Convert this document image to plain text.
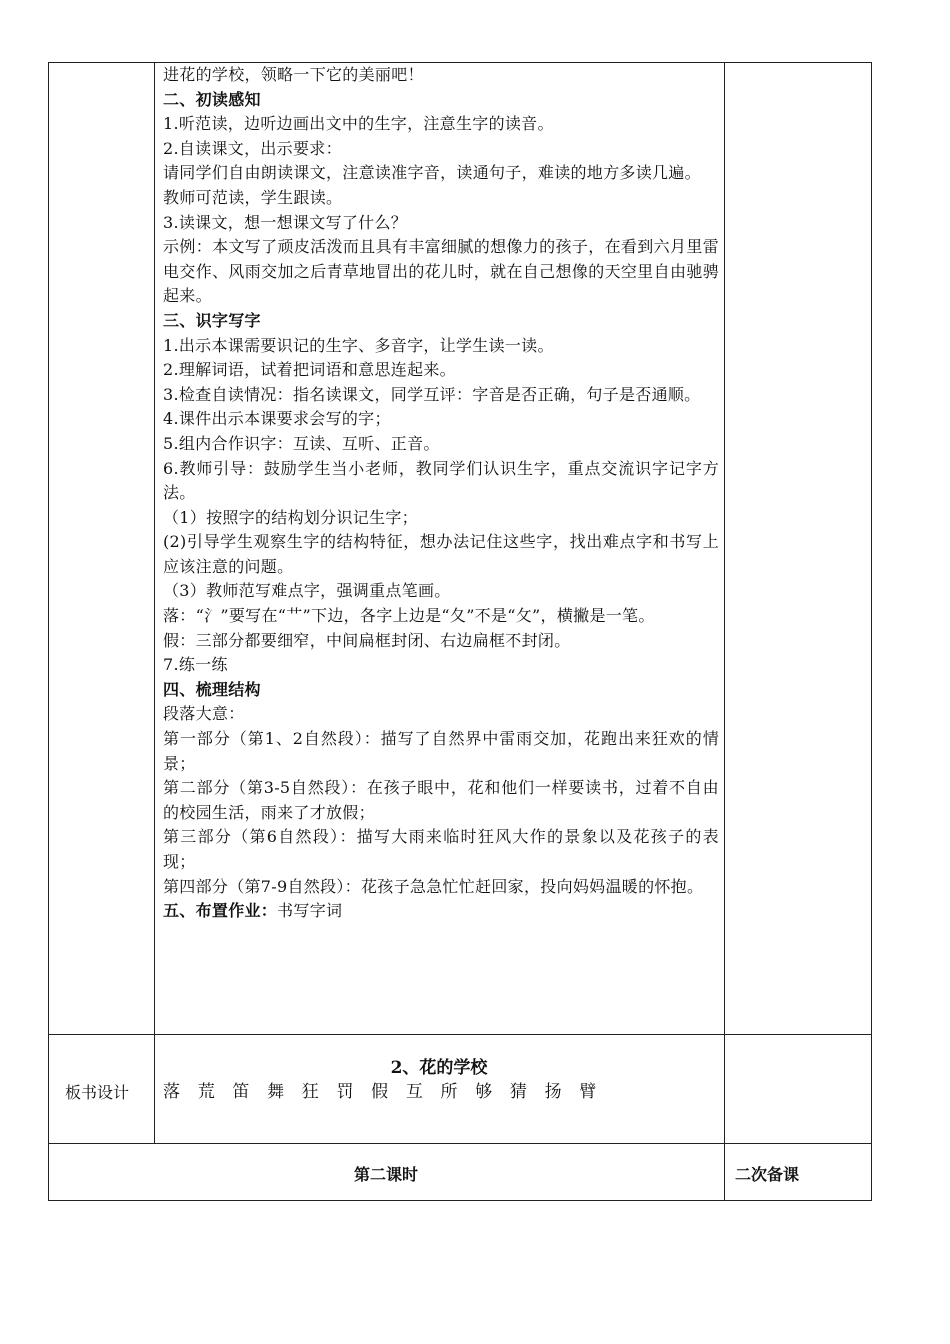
进花的学校，领略一下它的美丽吧！

二、初读感知

1.听范读，边听边画出文中的生字，注意生字的读音。

2.自读课文，出示要求：

请同学们自由朗读课文，注意读准字音，读通句子，难读的地方多读几遍。

教师可范读，学生跟读。

3.读课文，想一想课文写了什么？

示例：本文写了顽皮活泼而且具有丰富细腻的想像力的孩子，在看到六月里雷电交作、风雨交加之后青草地冒出的花儿时，就在自己想像的天空里自由驰骋起来。

三、识字写字

1.出示本课需要识记的生字、多音字，让学生读一读。

2.理解词语，试着把词语和意思连起来。

3.检查自读情况：指名读课文，同学互评：字音是否正确，句子是否通顺。

4.课件出示本课要求会写的字；

5.组内合作识字：互读、互听、正音。

6.教师引导：鼓励学生当小老师，教同学们认识生字，重点交流识字记字方法。

（1）按照字的结构划分识记生字；

(2)引导学生观察生字的结构特征，想办法记住这些字，找出难点字和书写上应该注意的问题。

（3）教师范写难点字，强调重点笔画。

落：“氵”要写在“艹”下边，各字上边是“夂”不是“攵”，横撇是一笔。

假：三部分都要细窄，中间扁框封闭、右边扁框不封闭。

7.练一练

四、梳理结构

段落大意：

第一部分（第1、2自然段）：描写了自然界中雷雨交加，花跑出来狂欢的情景；

第二部分（第3-5自然段）：在孩子眼中，花和他们一样要读书，过着不自由的校园生活，雨来了才放假；

第三部分（第6自然段）：描写大雨来临时狂风大作的景象以及花孩子的表现；

第四部分（第7-9自然段）：花孩子急急忙忙赶回家，投向妈妈温暖的怀抱。

五、布置作业：书写字词

板书设计
2、花的学校
落 荒 笛 舞 狂 罚 假 互 所 够 猜 扬 臂
第二课时	二次备课
